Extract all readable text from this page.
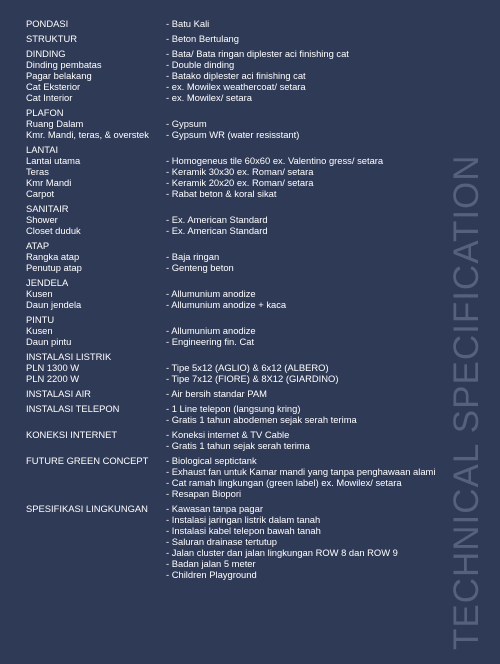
PONDASI	- Batu Kali
STRUKTUR	- Beton Bertulang
DINDING	- Bata/ Bata ringan diplester aci finishing cat
Dinding pembatas	- Double dinding
Pagar belakang	- Batako diplester aci finishing cat
Cat Eksterior	- ex. Mowilex weathercoat/ setara
Cat Interior	- ex. Mowilex/ setara
PLAFON
Ruang Dalam	- Gypsum
Kmr. Mandi, teras, & overstek	- Gypsum WR (water resisstant)
LANTAI
Lantai utama	- Homogeneus tile 60x60 ex. Valentino gress/ setara
Teras	- Keramik 30x30 ex. Roman/ setara
Kmr Mandi	- Keramik 20x20 ex. Roman/ setara
Carpot	- Rabat beton & koral sikat
SANITAIR
Shower	- Ex. American Standard
Closet duduk	- Ex. American Standard
ATAP
Rangka atap	- Baja ringan
Penutup atap	- Genteng beton
JENDELA
Kusen	- Allumunium anodize
Daun jendela	- Allumunium anodize + kaca
PINTU
Kusen	- Allumunium anodize
Daun pintu	- Engineering fin. Cat
INSTALASI LISTRIK
PLN 1300 W	- Tipe 5x12 (AGLIO) & 6x12 (ALBERO)
PLN 2200 W	- Tipe 7x12 (FIORE) & 8X12 (GIARDINO)
INSTALASI AIR	- Air bersih standar PAM
INSTALASI TELEPON	- 1 Line telepon (langsung kring)
- Gratis 1 tahun abodemen sejak serah terima
KONEKSI INTERNET	- Koneksi internet & TV Cable
- Gratis 1 tahun sejak serah terima
FUTURE GREEN CONCEPT	- Biological septictank
- Exhaust fan untuk Kamar mandi yang tanpa penghawaan alami
- Cat ramah lingkungan (green label) ex. Mowilex/ setara
- Resapan Biopori
SPESIFIKASI LINGKUNGAN	- Kawasan tanpa pagar
- Instalasi jaringan listrik dalam tanah
- Instalasi kabel telepon bawah tanah
- Saluran drainase tertutup
- Jalan cluster dan jalan lingkungan ROW 8 dan ROW 9
- Badan jalan 5 meter
- Children Playground	TECHNICAL SPECIFICATION
